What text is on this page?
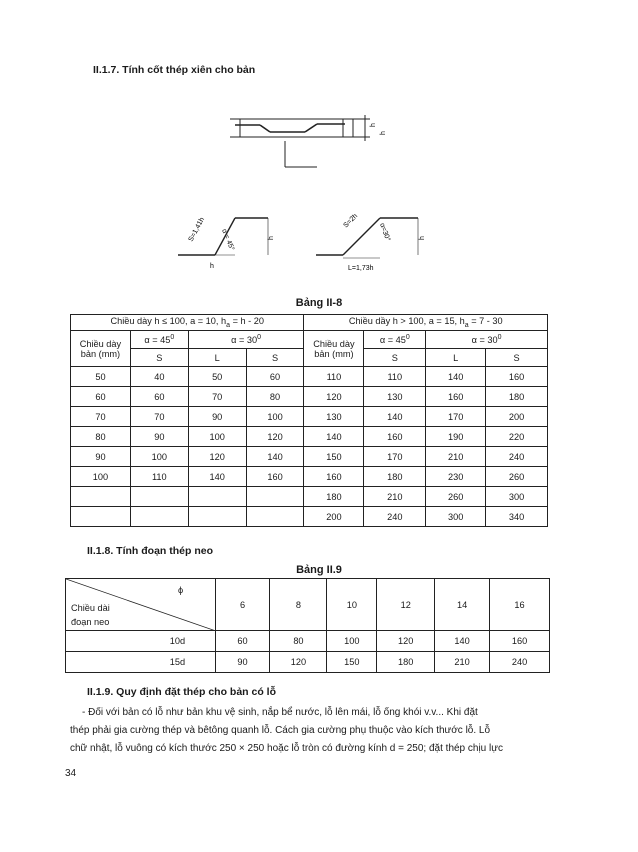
II.1.7. Tính cốt thép xiên cho bản
h
h
S=1,41h α = 45°	h
h
S=2h
α=30°	h
L=1,73h
Bảng II-8
Chiều dày h ≤ 100, a = 10, $h_a = h - 20$				Chiều dầy h > 100, a = 15, $h_a = 7 - 30$			
Chiều dày
bản (mm)	$\alpha = 45^0$	$\alpha = 30^0$		Chiều dày
bản (mm)	$\alpha = 45^0$	$\alpha = 30^0$
	S	L	S		S	L	S
50	40	50	60	110	110	140	160
60	60	70	80	120	130	160	180
70	70	90	100	130	140	170	200
80	90	100	120	140	160	190	220
90	100	120	140	150	170	210	240
100	110	140	160	160	180	230	260
				180	210	260	300
				200	240	300	340
II.1.8. Tính đoạn thép neo
Bảng II.9
ϕ
Chiều dài
đoạn neo		6	8	10	12	14	16
	10d	60	80	100	120	140	160
	15d	90	120	150	180	210	240
II.1.9. Quy định đặt thép cho bản có lỗ
- Đối với bản có lỗ như bản khu vệ sinh, nắp bể nước, lỗ lên mái, lỗ ống khói v.v... Khi đặt
thép phải gia cường thép và bêtông quanh lỗ. Cách gia cường phụ thuộc vào kích thước lỗ. Lỗ
chữ nhật, lỗ vuông có kích thước 250 × 250 hoặc lỗ tròn có đường kính d = 250; đặt thép chịu lực
34
